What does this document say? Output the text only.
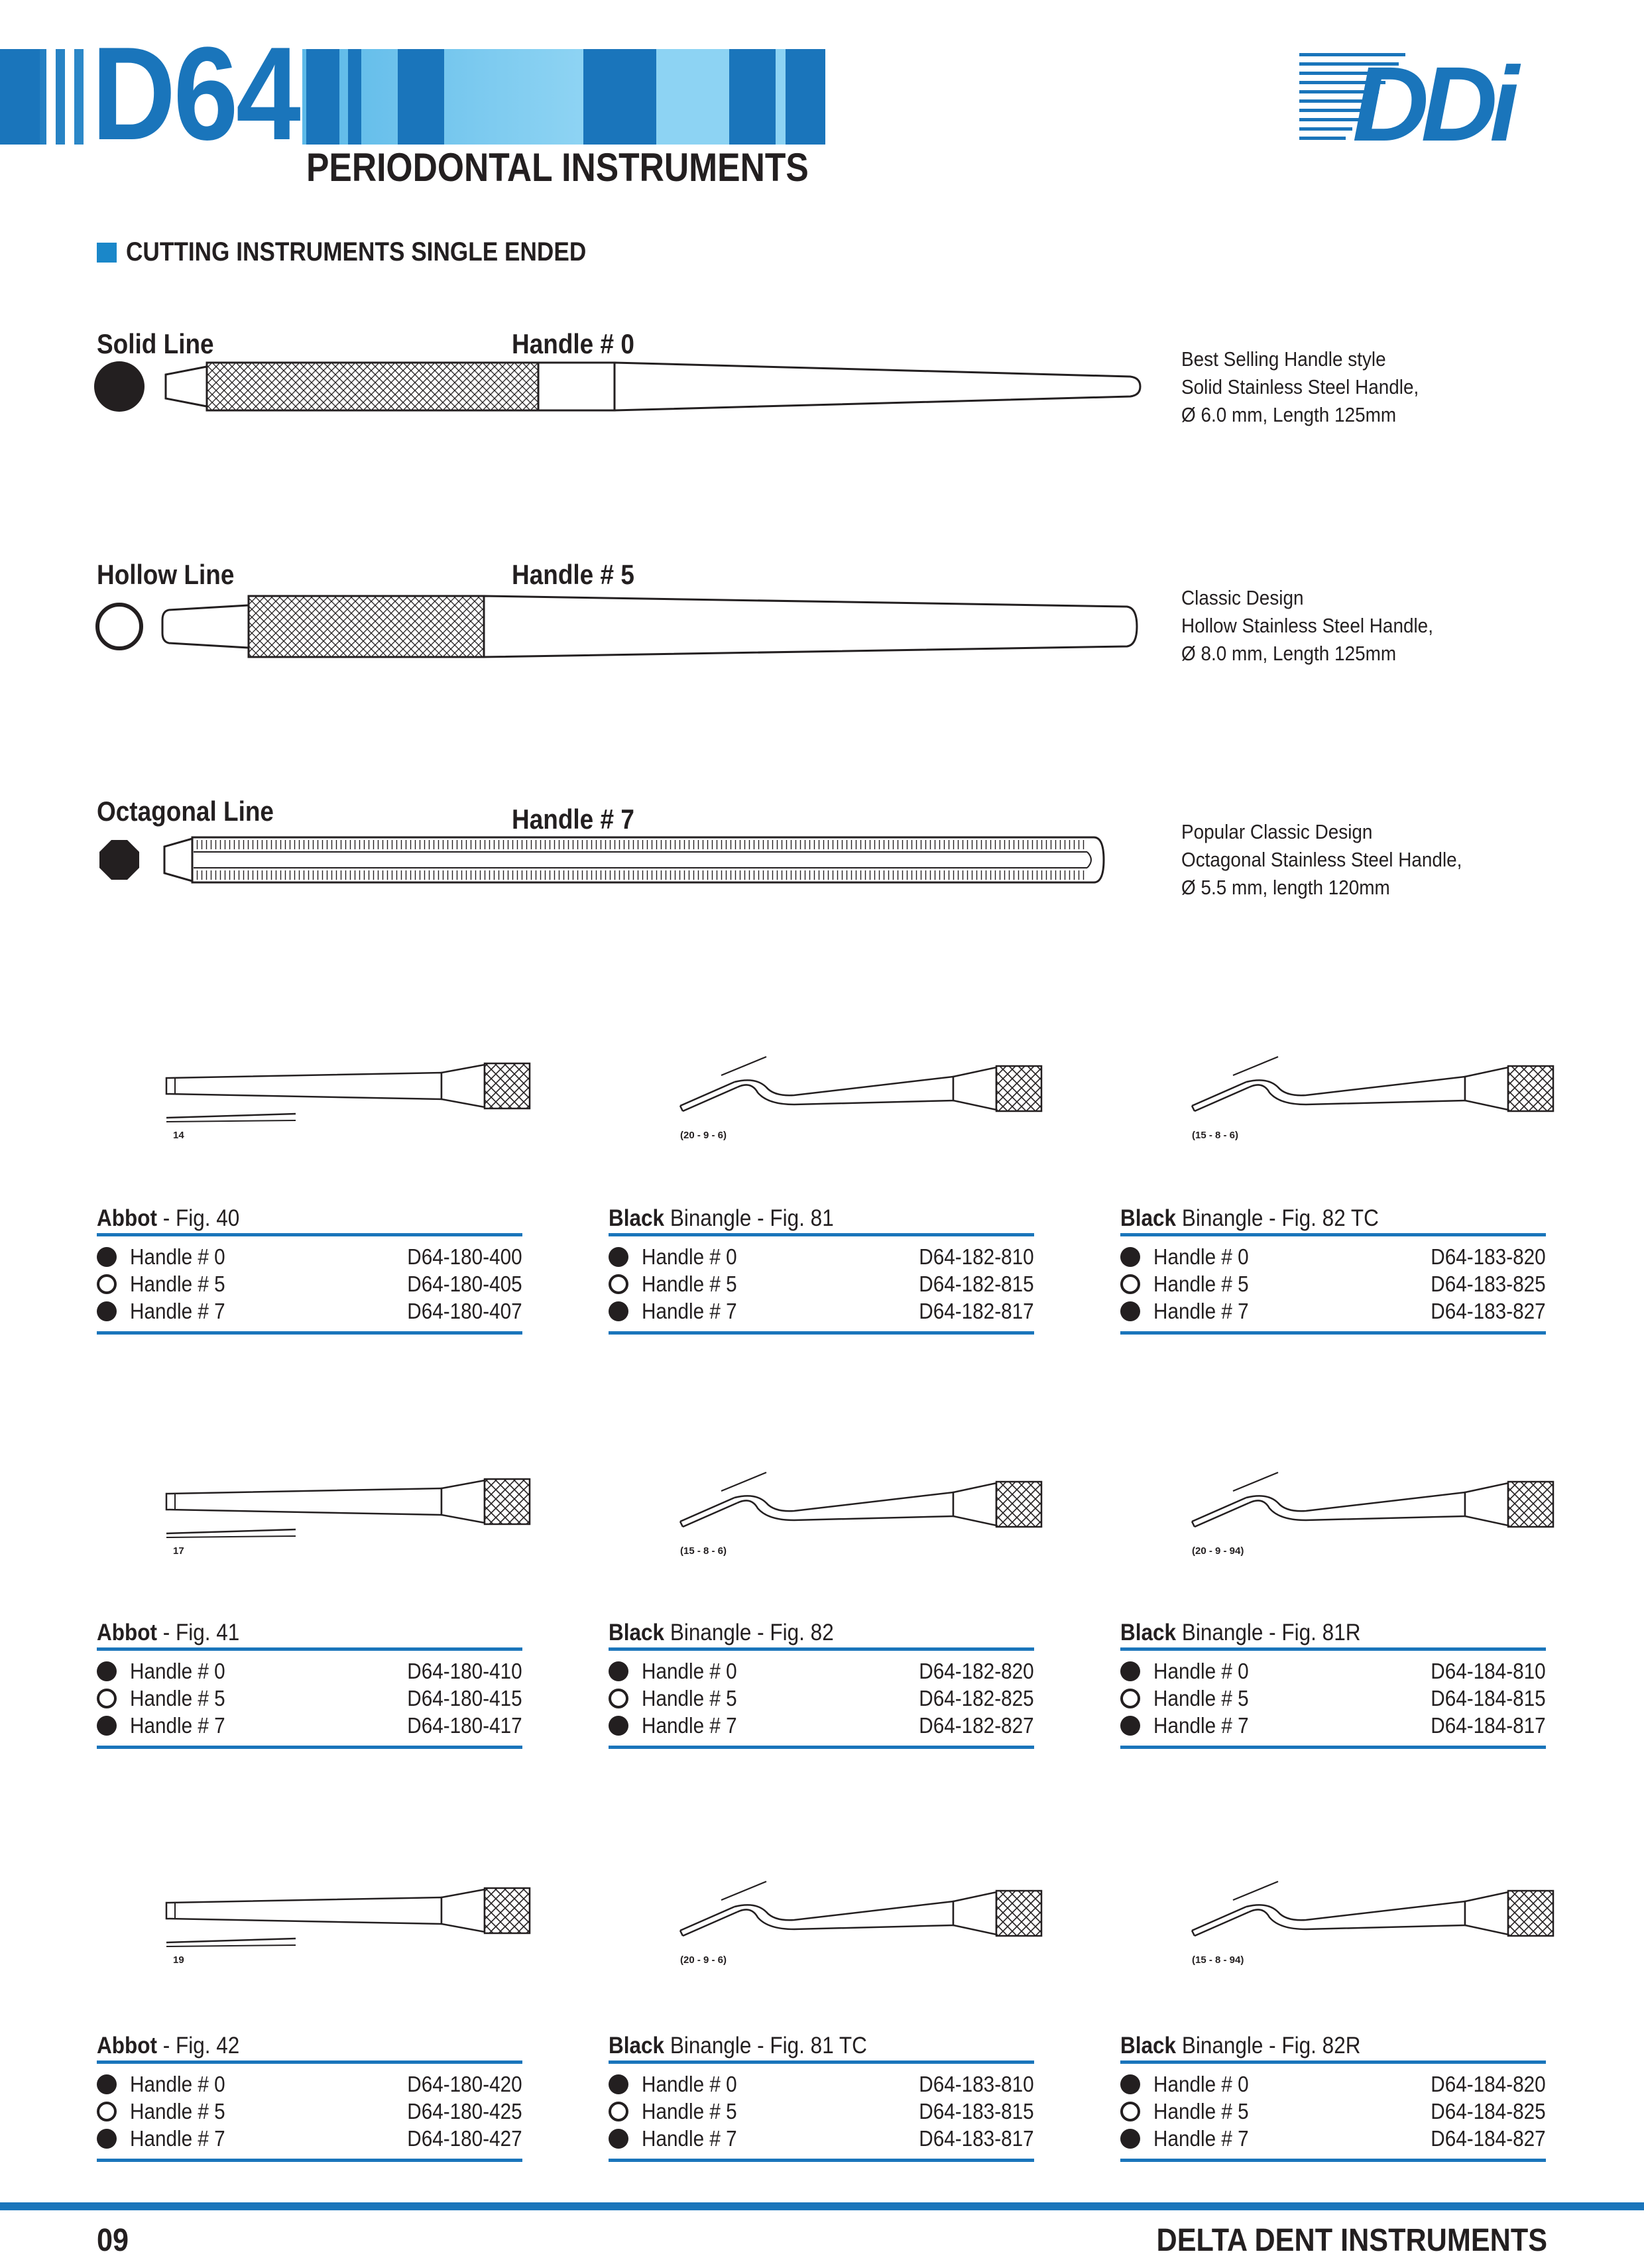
D64 PERIODONTAL INSTRUMENTS
DDi
CUTTING INSTRUMENTS SINGLE ENDED
Solid Line	Handle # 0	Best Selling Handle style
Solid Stainless Steel Handle,
Ø 6.0 mm, Length 125mm
Hollow Line	Handle # 5
Classic Design
Hollow Stainless Steel Handle,
Ø 8.0 mm, Length 125mm
Octagonal Line	Handle # 7	Popular Classic Design
Octagonal Stainless Steel Handle,
Ø 5.5 mm, length 120mm
14	(20 - 9 - 6)	(15 - 8 - 6)
17	(15 - 8 - 6)	(20 - 9 - 94)
19	(20 - 9 - 6)	(15 - 8 - 94)
Abbot - Fig. 40
Handle # 0	D64-180-400
Handle # 5	D64-180-405
Handle # 7	D64-180-407
Black Binangle - Fig. 81
Handle # 0	D64-182-810
Handle # 5	D64-182-815
Handle # 7	D64-182-817
Black Binangle - Fig. 82 TC
Handle # 0	D64-183-820
Handle # 5	D64-183-825
Handle # 7	D64-183-827
Abbot - Fig. 41
Handle # 0	D64-180-410
Handle # 5	D64-180-415
Handle # 7	D64-180-417
Black Binangle - Fig. 82
Handle # 0	D64-182-820
Handle # 5	D64-182-825
Handle # 7	D64-182-827
Black Binangle - Fig. 81R
Handle # 0	D64-184-810
Handle # 5	D64-184-815
Handle # 7	D64-184-817
Abbot - Fig. 42
Handle # 0	D64-180-420
Handle # 5	D64-180-425
Handle # 7	D64-180-427
Black Binangle - Fig. 81 TC
Handle # 0	D64-183-810
Handle # 5	D64-183-815
Handle # 7	D64-183-817
Black Binangle - Fig. 82R
Handle # 0	D64-184-820
Handle # 5	D64-184-825
Handle # 7	D64-184-827
09	DELTA DENT INSTRUMENTS
